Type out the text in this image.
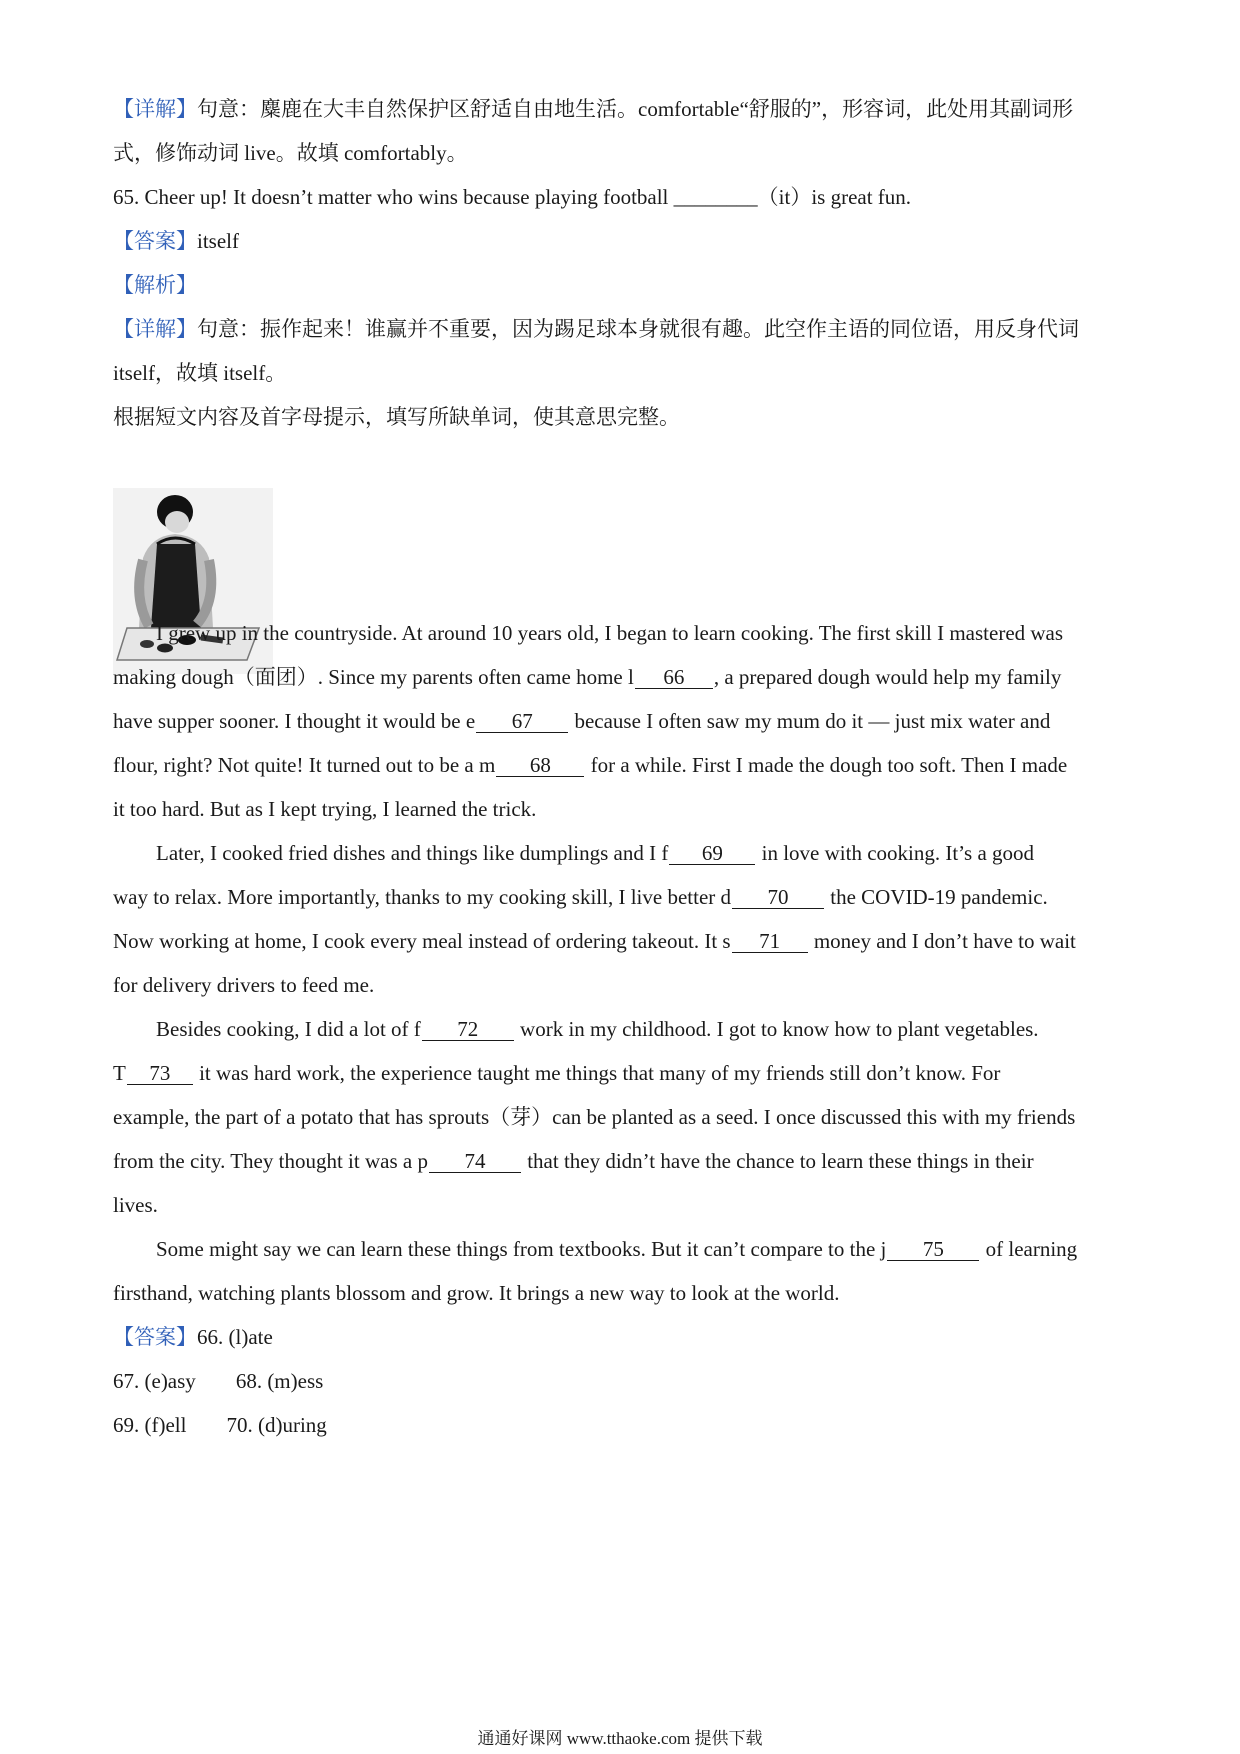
【详解】句意：麋鹿在大丰自然保护区舒适自由地生活。comfortable“舒服的”，形容词，此处用其副词形
式，修饰动词 live。故填 comfortably。
65. Cheer up! It doesn’t matter who wins because playing football ________（it）is great fun.
【答案】itself
【解析】
【详解】句意：振作起来！谁赢并不重要，因为踢足球本身就很有趣。此空作主语的同位语，用反身代词
itself，故填 itself。
根据短文内容及首字母提示，填写所缺单词，使其意思完整。
I grew up in the countryside. At around 10 years old, I began to learn cooking. The first skill I mastered was
making dough（面团）. Since my parents often came home l 66 , a prepared dough would help my family
have supper sooner. I thought it would be e 67 because I often saw my mum do it — just mix water and
flour, right? Not quite! It turned out to be a m 68 for a while. First I made the dough too soft. Then I made
it too hard. But as I kept trying, I learned the trick.
Later, I cooked fried dishes and things like dumplings and I f 69 in love with cooking. It’s a good
way to relax. More importantly, thanks to my cooking skill, I live better d 70 the COVID-19 pandemic.
Now working at home, I cook every meal instead of ordering takeout. It s 71 money and I don’t have to wait
for delivery drivers to feed me.
Besides cooking, I did a lot of f 72 work in my childhood. I got to know how to plant vegetables.
T 73 it was hard work, the experience taught me things that many of my friends still don’t know. For
example, the part of a potato that has sprouts（芽）can be planted as a seed. I once discussed this with my friends
from the city. They thought it was a p 74 that they didn’t have the chance to learn these things in their
lives.
Some might say we can learn these things from textbooks. But it can’t compare to the j 75 of learning
firsthand, watching plants blossom and grow. It brings a new way to look at the world.
【答案】66. (l)ate
67. (e)asy 68. (m)ess
69. (f)ell 70. (d)uring
通通好课网 www.tthaoke.com 提供下载
